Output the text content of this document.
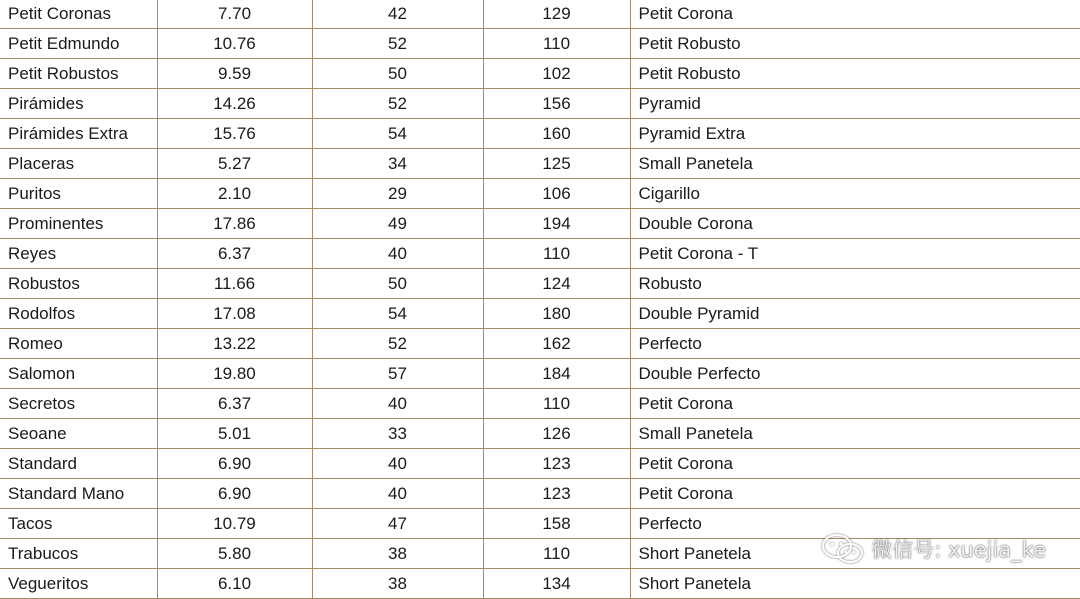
Petit Coronas	7.70	42	129	Petit Corona
Petit Edmundo	10.76	52	110	Petit Robusto
Petit Robustos	9.59	50	102	Petit Robusto
Pirámides	14.26	52	156	Pyramid
Pirámides Extra	15.76	54	160	Pyramid Extra
Placeras	5.27	34	125	Small Panetela
Puritos	2.10	29	106	Cigarillo
Prominentes	17.86	49	194	Double Corona
Reyes	6.37	40	110	Petit Corona - T
Robustos	11.66	50	124	Robusto
Rodolfos	17.08	54	180	Double Pyramid
Romeo	13.22	52	162	Perfecto
Salomon	19.80	57	184	Double Perfecto
Secretos	6.37	40	110	Petit Corona
Seoane	5.01	33	126	Small Panetela
Standard	6.90	40	123	Petit Corona
Standard Mano	6.90	40	123	Petit Corona
Tacos	10.79	47	158	Perfecto
Trabucos	5.80	38	110	Short Panetela
Vegueritos	6.10	38	134	Short Panetela
微信号: xuejia_ke
